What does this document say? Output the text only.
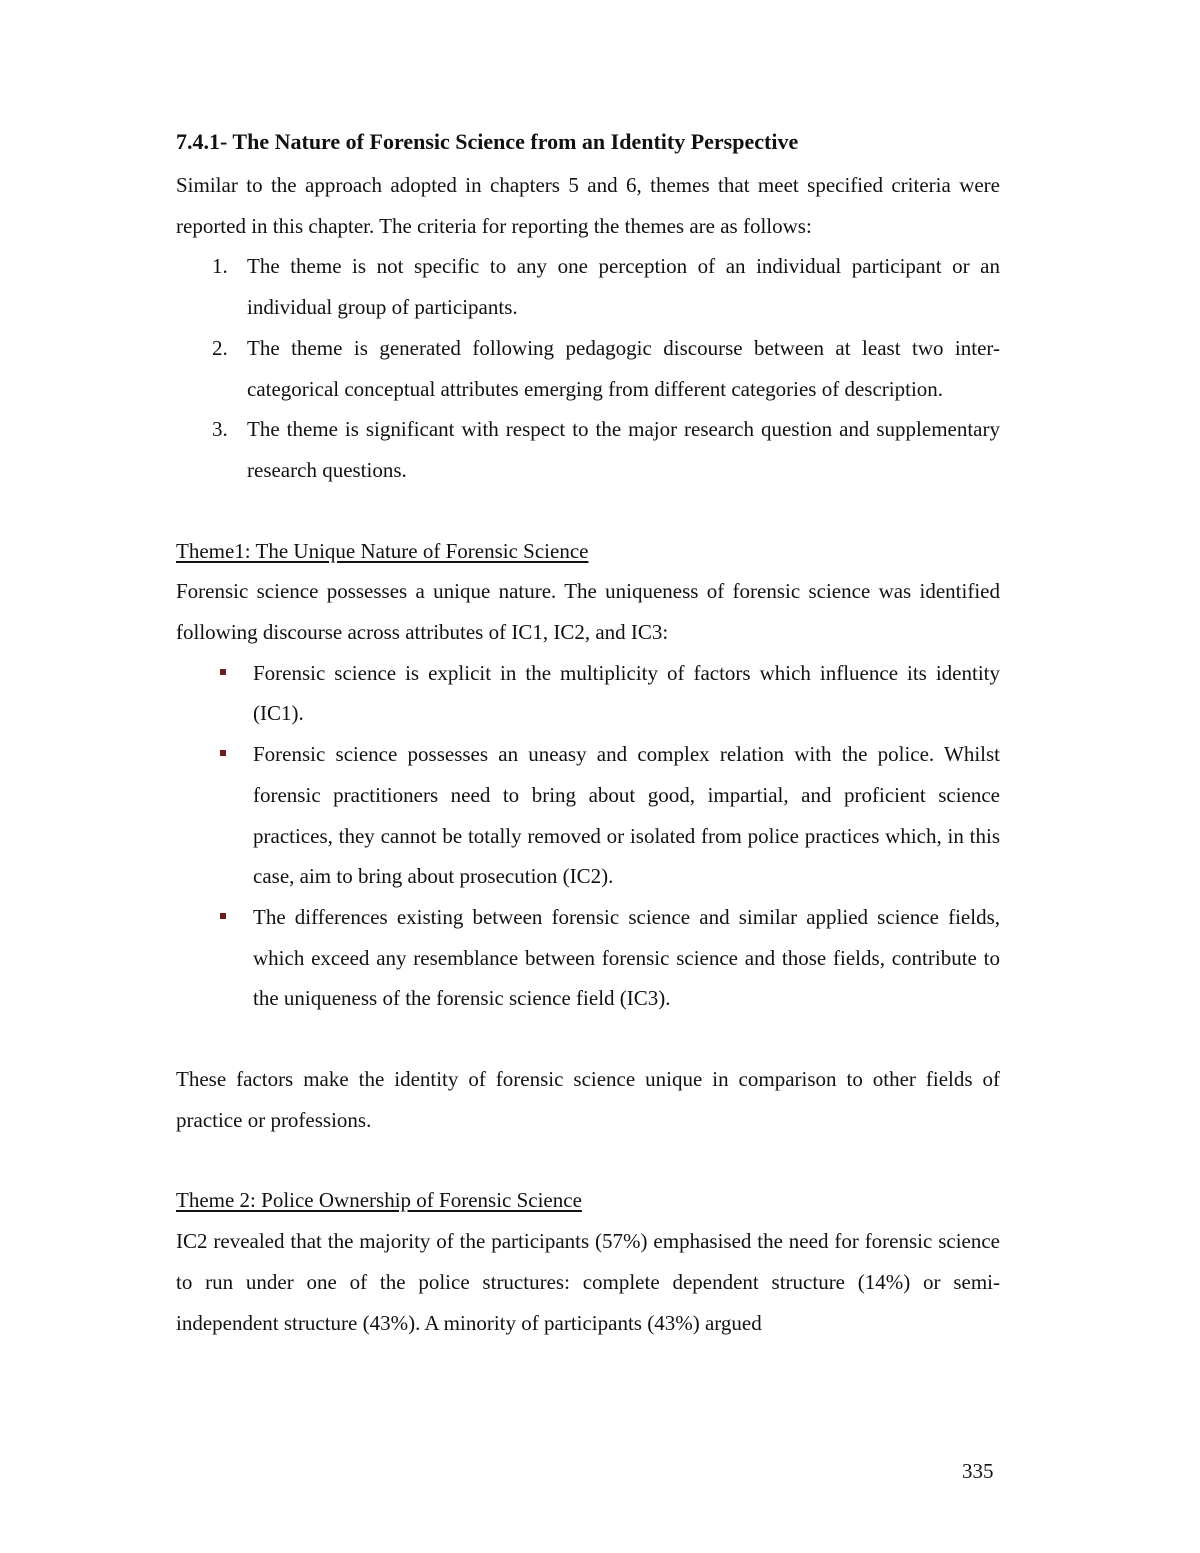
7.4.1- The Nature of Forensic Science from an Identity Perspective

Similar to the approach adopted in chapters 5 and 6, themes that meet specified criteria were reported in this chapter. The criteria for reporting the themes are as follows:

1. The theme is not specific to any one perception of an individual participant or an individual group of participants.
2. The theme is generated following pedagogic discourse between at least two inter-categorical conceptual attributes emerging from different categories of description.
3. The theme is significant with respect to the major research question and supplementary research questions.

Theme1: The Unique Nature of Forensic Science

Forensic science possesses a unique nature. The uniqueness of forensic science was identified following discourse across attributes of IC1, IC2, and IC3:

Forensic science is explicit in the multiplicity of factors which influence its identity (IC1).
Forensic science possesses an uneasy and complex relation with the police. Whilst forensic practitioners need to bring about good, impartial, and proficient science practices, they cannot be totally removed or isolated from police practices which, in this case, aim to bring about prosecution (IC2).
The differences existing between forensic science and similar applied science fields, which exceed any resemblance between forensic science and those fields, contribute to the uniqueness of the forensic science field (IC3).

These factors make the identity of forensic science unique in comparison to other fields of practice or professions.

Theme 2: Police Ownership of Forensic Science

IC2 revealed that the majority of the participants (57%) emphasised the need for forensic science to run under one of the police structures: complete dependent structure (14%) or semi-independent structure (43%). A minority of participants (43%) argued

335
